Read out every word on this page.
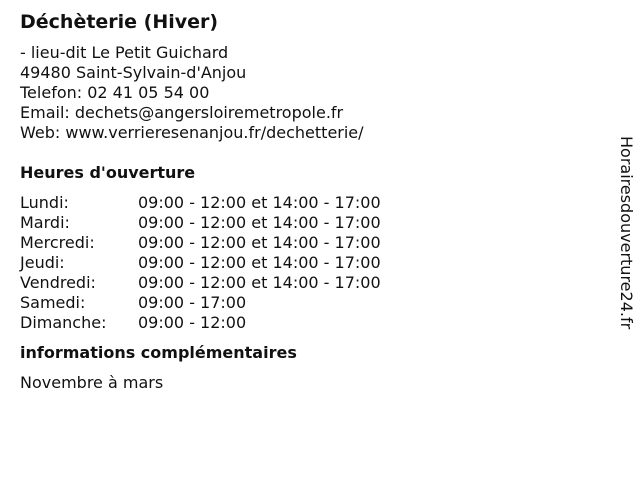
Déchèterie (Hiver)
- lieu-dit Le Petit Guichard
49480 Saint-Sylvain-d'Anjou
Telefon: 02 41 05 54 00
Email: dechets@angersloiremetropole.fr
Web: www.verrieresenanjou.fr/dechetterie/
Heures d'ouverture
Lundi:	09:00 - 12:00 et 14:00 - 17:00
Mardi:	09:00 - 12:00 et 14:00 - 17:00
Mercredi:	09:00 - 12:00 et 14:00 - 17:00
Jeudi:	09:00 - 12:00 et 14:00 - 17:00
Vendredi:	09:00 - 12:00 et 14:00 - 17:00
Samedi:	09:00 - 17:00
Dimanche:	09:00 - 12:00
informations complémentaires
Novembre à mars
Horairesdouverture24.fr
